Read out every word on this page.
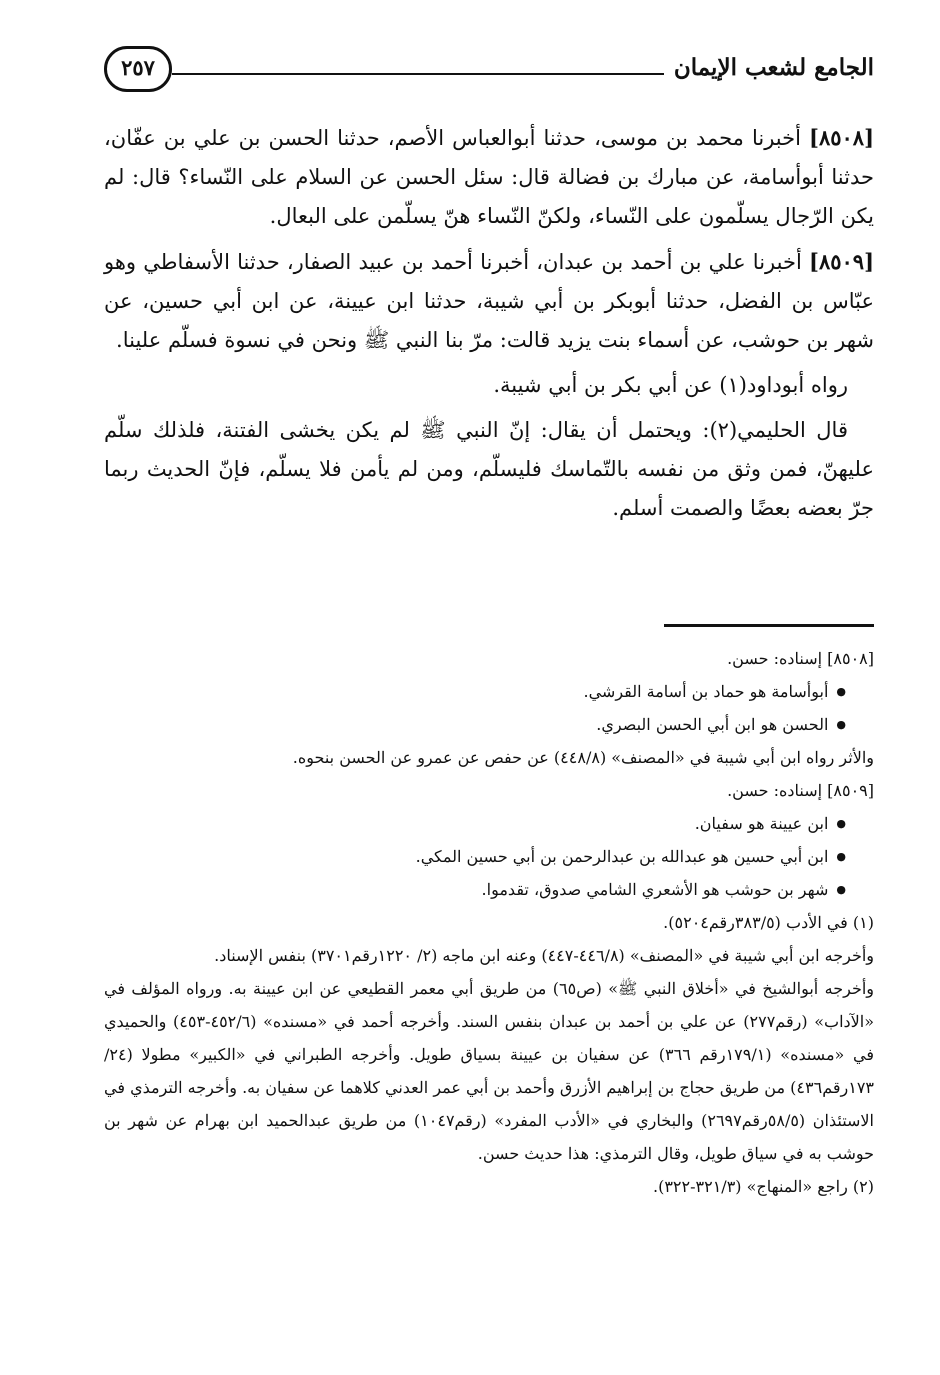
الجامع لشعب الإيمان
٢٥٧

[٨٥٠٨] أخبرنا محمد بن موسى، حدثنا أبوالعباس الأصم، حدثنا الحسن بن علي بن عفّان، حدثنا أبوأسامة، عن مبارك بن فضالة قال: سئل الحسن عن السلام على النّساء؟ قال: لم يكن الرّجال يسلّمون على النّساء، ولكنّ النّساء هنّ يسلّمن على البعال.

[٨٥٠٩] أخبرنا علي بن أحمد بن عبدان، أخبرنا أحمد بن عبيد الصفار، حدثنا الأسفاطي وهو عبّاس بن الفضل، حدثنا أبوبكر بن أبي شيبة، حدثنا ابن عيينة، عن ابن أبي حسين، عن شهر بن حوشب، عن أسماء بنت يزيد قالت: مرّ بنا النبي ﷺ ونحن في نسوة فسلّم علينا.

رواه أبوداود(١) عن أبي بكر بن أبي شيبة.

قال الحليمي(٢): ويحتمل أن يقال: إنّ النبي ﷺ لم يكن يخشى الفتنة، فلذلك سلّم عليهنّ، فمن وثق من نفسه بالتّماسك فليسلّم، ومن لم يأمن فلا يسلّم، فإنّ الحديث ربما جرّ بعضه بعضًا والصمت أسلم.

[٨٥٠٨] إسناده: حسن.

● أبوأسامة هو حماد بن أسامة القرشي.
● الحسن هو ابن أبي الحسن البصري.

والأثر رواه ابن أبي شيبة في «المصنف» (٤٤٨/٨) عن حفص عن عمرو عن الحسن بنحوه.

[٨٥٠٩] إسناده: حسن.

● ابن عيينة هو سفيان.
● ابن أبي حسين هو عبدالله بن عبدالرحمن بن أبي حسين المكي.
● شهر بن حوشب هو الأشعري الشامي صدوق، تقدموا.

(١) في الأدب (٣٨٣/٥رقم٥٢٠٤).

وأخرجه ابن أبي شيبة في «المصنف» (٤٤٦/٨-٤٤٧) وعنه ابن ماجه (٢/ ١٢٢٠رقم٣٧٠١) بنفس الإسناد.

وأخرجه أبوالشيخ في «أخلاق النبي ﷺ» (ص٦٥) من طريق أبي معمر القطيعي عن ابن عيينة به. ورواه المؤلف في «الآداب» (رقم٢٧٧) عن علي بن أحمد بن عبدان بنفس السند. وأخرجه أحمد في «مسنده» (٤٥٢/٦-٤٥٣) والحميدي في «مسنده» (١٧٩/١رقم ٣٦٦) عن سفيان بن عيينة بسياق طويل. وأخرجه الطبراني في «الكبير» مطولا (٢٤/ ١٧٣رقم٤٣٦) من طريق حجاج بن إبراهيم الأزرق وأحمد بن أبي عمر العدني كلاهما عن سفيان به. وأخرجه الترمذي في الاستئذان (٥٨/٥رقم٢٦٩٧) والبخاري في «الأدب المفرد» (رقم١٠٤٧) من طريق عبدالحميد ابن بهرام عن شهر بن حوشب به في سياق طويل، وقال الترمذي: هذا حديث حسن.

(٢) راجع «المنهاج» (٣٢١/٣-٣٢٢).
